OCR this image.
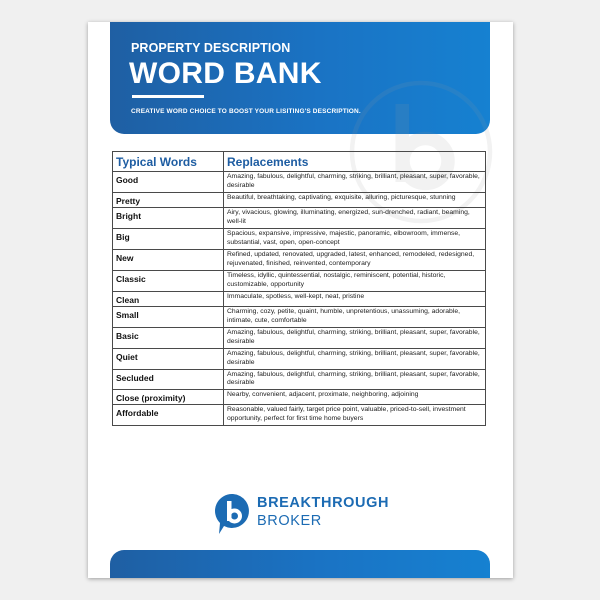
PROPERTY DESCRIPTION
WORD BANK
CREATIVE WORD CHOICE TO BOOST YOUR LISITING'S DESCRIPTION.
Typical Words	Replacements
Good	Amazing, fabulous, delightful, charming, striking, brilliant, pleasant, super, favorable, desirable
Pretty	Beautiful, breathtaking, captivating, exquisite, alluring, picturesque, stunning
Bright	Airy, vivacious, glowing, illuminating, energized, sun-drenched, radiant, beaming, well-lit
Big	Spacious, expansive, impressive, majestic, panoramic, elbowroom, immense, substantial, vast, open, open-concept
New	Refined, updated, renovated, upgraded, latest, enhanced, remodeled, redesigned, rejuvenated, finished, reinvented, contemporary
Classic	Timeless, idyllic, quintessential, nostalgic, reminiscent, potential, historic, customizable, opportunity
Clean	Immaculate, spotless, well-kept, neat, pristine
Small	Charming, cozy, petite, quaint, humble, unpretentious, unassuming, adorable, intimate, cute, comfortable
Basic	Amazing, fabulous, delightful, charming, striking, brilliant, pleasant, super, favorable, desirable
Quiet	Amazing, fabulous, delightful, charming, striking, brilliant, pleasant, super, favorable, desirable
Secluded	Amazing, fabulous, delightful, charming, striking, brilliant, pleasant, super, favorable, desirable
Close (proximity)	Nearby, convenient, adjacent, proximate, neighboring, adjoining
Affordable	Reasonable, valued fairly, target price point, valuable, priced-to-sell, investment opportunity, perfect for first time home buyers
BREAKTHROUGH
BROKER
